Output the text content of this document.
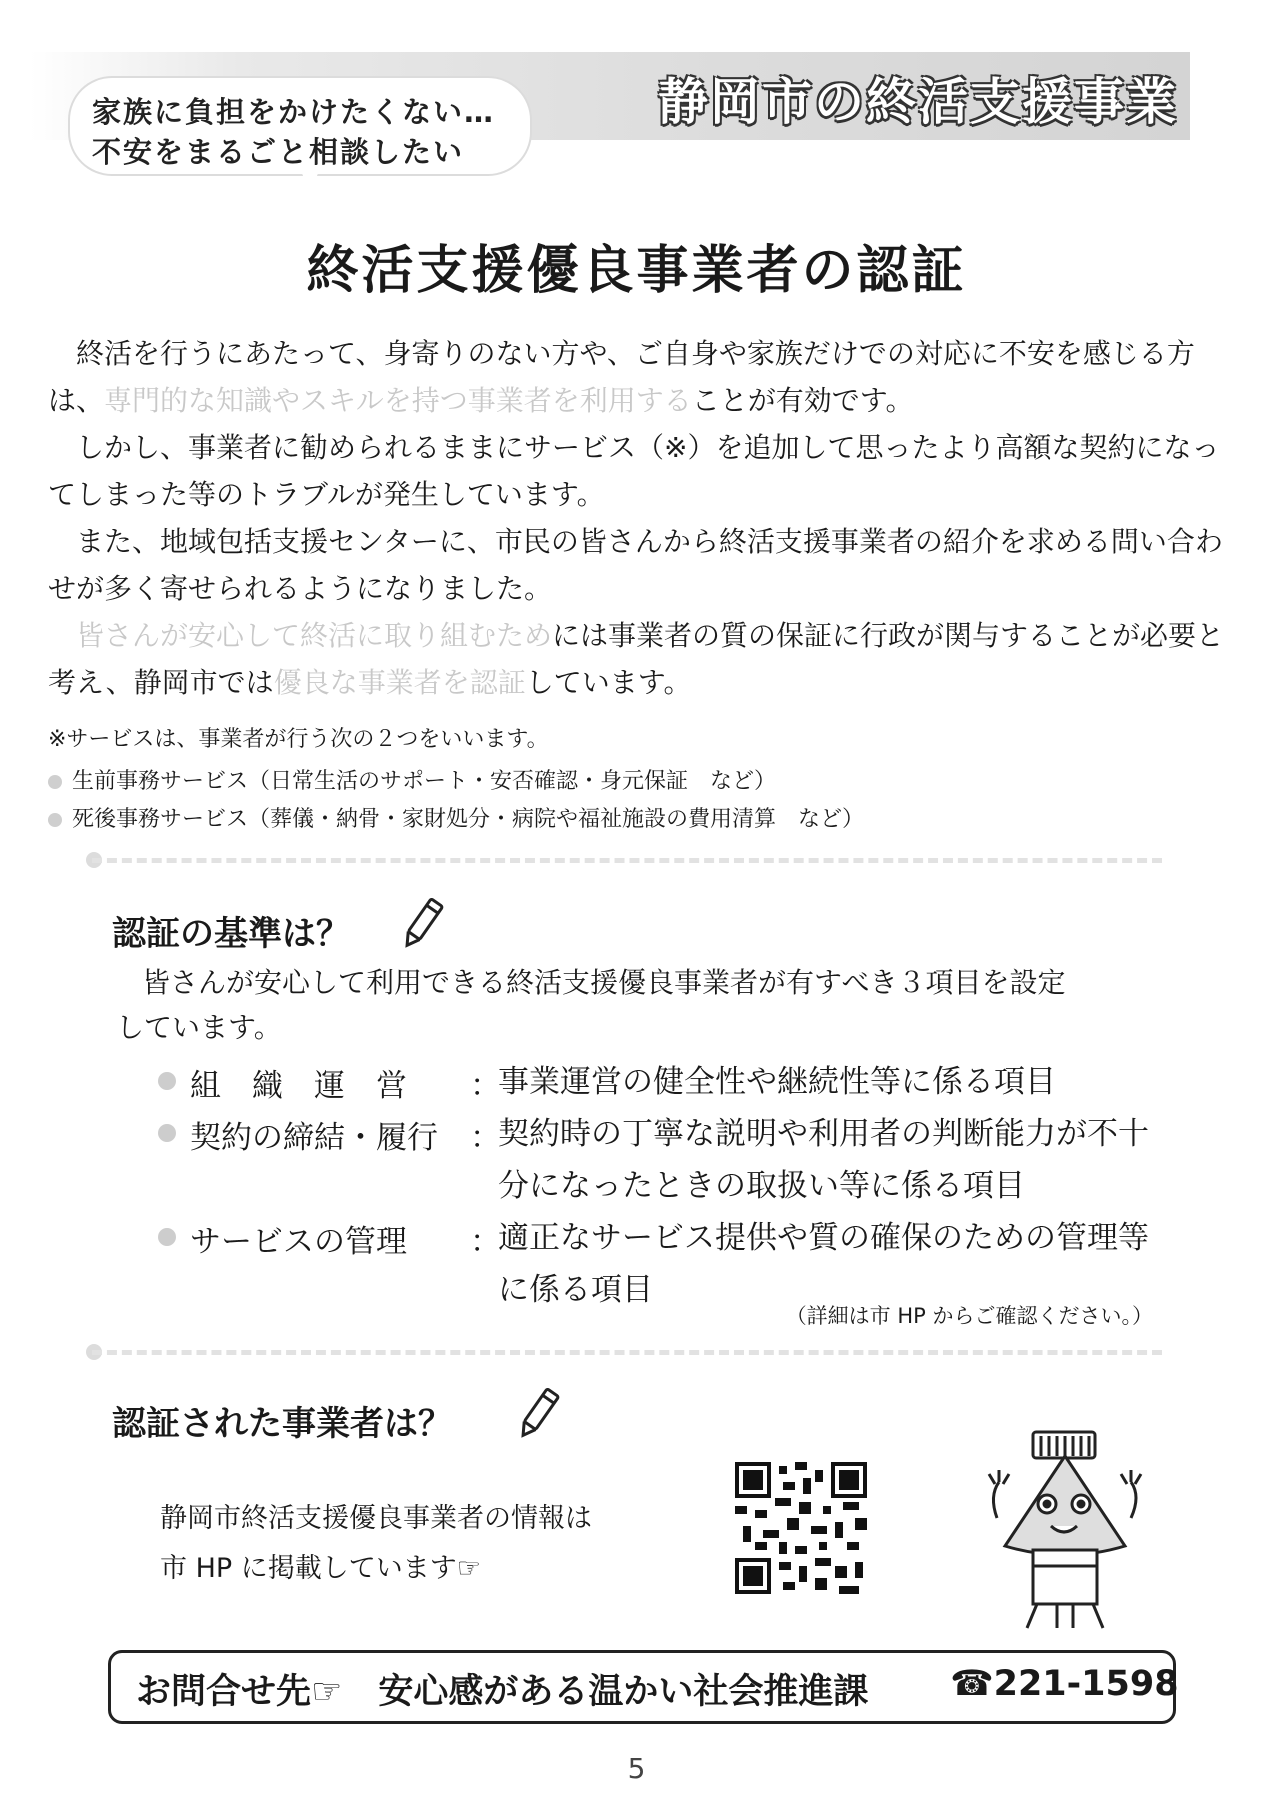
静岡市の終活支援事業
家族に負担をかけたくない…
不安をまるごと相談したい
終活支援優良事業者の認証

終活を行うにあたって、身寄りのない方や、ご自身や家族だけでの対応に不安を感じる方は、専門的な知識やスキルを持つ事業者を利用することが有効です。

しかし、事業者に勧められるままにサービス（※）を追加して思ったより高額な契約になってしまった等のトラブルが発生しています。

また、地域包括支援センターに、市民の皆さんから終活支援事業者の紹介を求める問い合わせが多く寄せられるようになりました。

皆さんが安心して終活に取り組むためには事業者の質の保証に行政が関与することが必要と考え、静岡市では優良な事業者を認証しています。

※サービスは、事業者が行う次の２つをいいます。
生前事務サービス（日常生活のサポート・安否確認・身元保証　など）
死後事務サービス（葬儀・納骨・家財処分・病院や福祉施設の費用清算　など）
認証の基準は？
皆さんが安心して利用できる終活支援優良事業者が有すべき３項目を設定
しています。
組　織　運　営 ：
事業運営の健全性や継続性等に係る項目
契約の締結・履行 ：
契約時の丁寧な説明や利用者の判断能力が不十分になったときの取扱い等に係る項目
サービスの管理 ：
適正なサービス提供や質の確保のための管理等に係る項目
（詳細は市 HP からご確認ください。）
認証された事業者は？
静岡市終活支援優良事業者の情報は
市 HP に掲載しています☞
お問合せ先☞ 安心感がある温かい社会推進課 ☎221-1598
5
